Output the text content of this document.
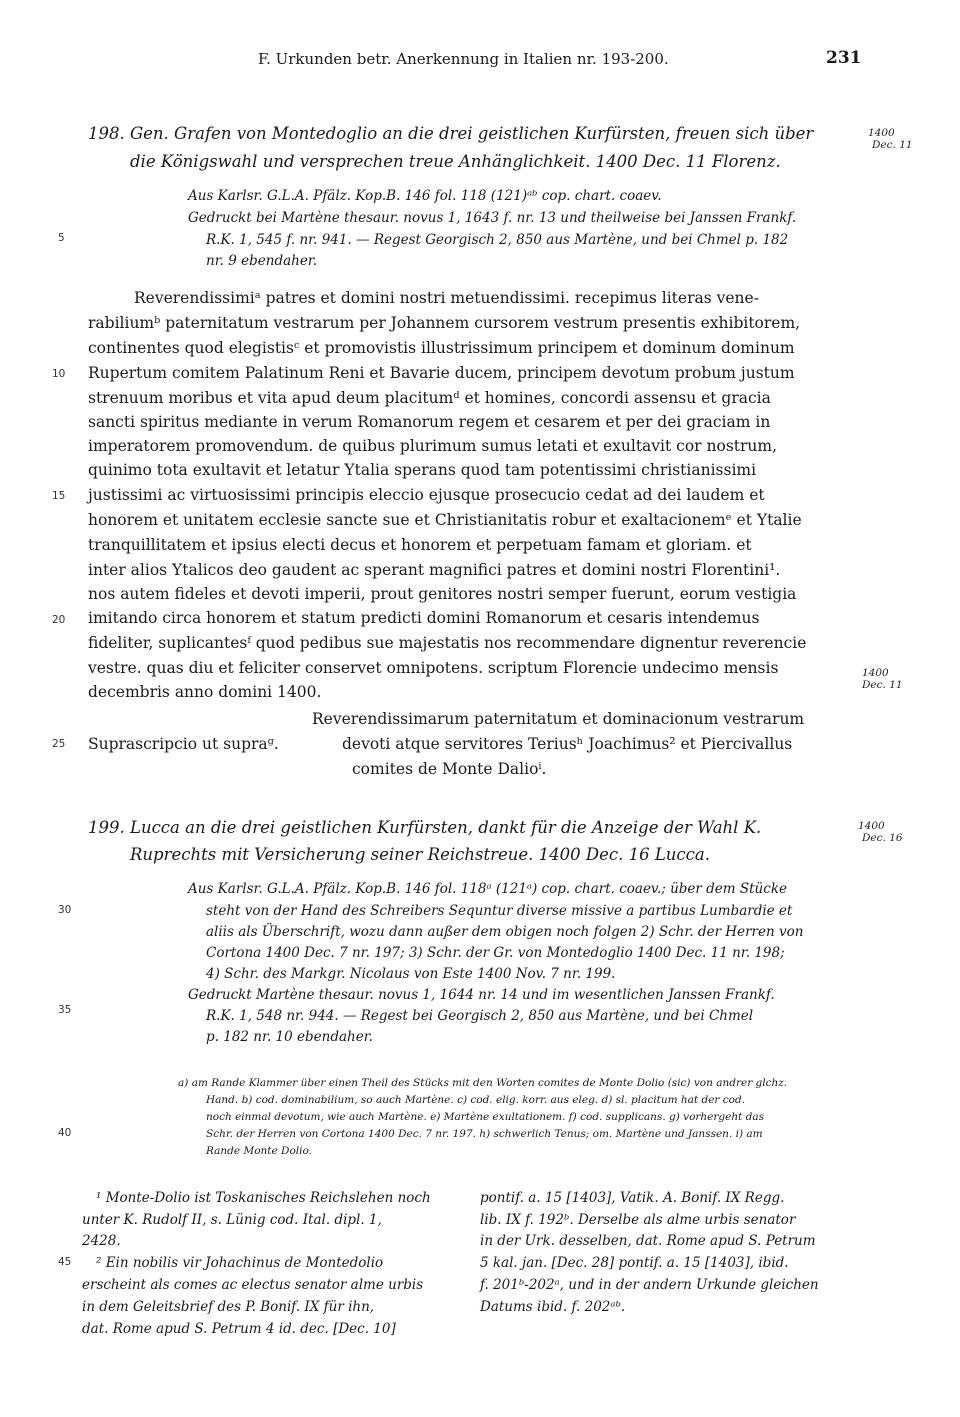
F. Urkunden betr. Anerkennung in Italien nr. 193-200.	231
198. Gen. Grafen von Montedoglio an die drei geistlichen Kurfürsten, freuen sich über
die Königswahl und versprechen treue Anhänglichkeit. 1400 Dec. 11 Florenz.
1400
Dec. 11
Aus Karlsr. G.L.A. Pfälz. Kop.B. 146 fol. 118 (121)ᵃᵇ cop. chart. coaev.
Gedruckt bei Martène thesaur. novus 1, 1643 f. nr. 13 und theilweise bei Janssen Frankf.
R.K. 1, 545 f. nr. 941. — Regest Georgisch 2, 850 aus Martène, und bei Chmel p. 182
nr. 9 ebendaher.
5
10
15
20
25
30
35
40
45
Reverendissimiᵃ patres et domini nostri metuendissimi. recepimus literas vene-
rabiliumᵇ paternitatum vestrarum per Johannem cursorem vestrum presentis exhibitorem,
continentes quod elegistisᶜ et promovistis illustrissimum principem et dominum dominum
Rupertum comitem Palatinum Reni et Bavarie ducem, principem devotum probum justum
strenuum moribus et vita apud deum placitumᵈ et homines, concordi assensu et gracia
sancti spiritus mediante in verum Romanorum regem et cesarem et per dei graciam in
imperatorem promovendum. de quibus plurimum sumus letati et exultavit cor nostrum,
quinimo tota exultavit et letatur Ytalia sperans quod tam potentissimi christianissimi
justissimi ac virtuosissimi principis eleccio ejusque prosecucio cedat ad dei laudem et
honorem et unitatem ecclesie sancte sue et Christianitatis robur et exaltacionemᵉ et Ytalie
tranquillitatem et ipsius electi decus et honorem et perpetuam famam et gloriam. et
inter alios Ytalicos deo gaudent ac sperant magnifici patres et domini nostri Florentini¹.
nos autem fideles et devoti imperii, prout genitores nostri semper fuerunt, eorum vestigia
imitando circa honorem et statum predicti domini Romanorum et cesaris intendemus
fideliter, suplicantesᶠ quod pedibus sue majestatis nos recommendare dignentur reverencie
vestre. quas diu et feliciter conservet omnipotens. scriptum Florencie undecimo mensis
decembris anno domini 1400.
1400
Dec. 11
Reverendissimarum paternitatum et dominacionum vestrarum
Suprascripcio ut supraᵍ.	devoti atque servitores Teriusʰ Joachimus² et Piercivallus
comites de Monte Dalioⁱ.
199. Lucca an die drei geistlichen Kurfürsten, dankt für die Anzeige der Wahl K.
Ruprechts mit Versicherung seiner Reichstreue. 1400 Dec. 16 Lucca.
1400
Dec. 16
Aus Karlsr. G.L.A. Pfälz. Kop.B. 146 fol. 118ᵃ (121ᵃ) cop. chart. coaev.; über dem Stücke
steht von der Hand des Schreibers Sequntur diverse missive a partibus Lumbardie et
aliis als Überschrift, wozu dann außer dem obigen noch folgen 2) Schr. der Herren von
Cortona 1400 Dec. 7 nr. 197; 3) Schr. der Gr. von Montedoglio 1400 Dec. 11 nr. 198;
4) Schr. des Markgr. Nicolaus von Este 1400 Nov. 7 nr. 199.
Gedruckt Martène thesaur. novus 1, 1644 nr. 14 und im wesentlichen Janssen Frankf.
R.K. 1, 548 nr. 944. — Regest bei Georgisch 2, 850 aus Martène, und bei Chmel
p. 182 nr. 10 ebendaher.
a) am Rande Klammer über einen Theil des Stücks mit den Worten comites de Monte Dolio (sic) von andrer glchz.
Hand. b) cod. dominabilium, so auch Martène. c) cod. elig. korr. aus eleg. d) sl. placitum hat der cod.
noch einmal devotum, wie auch Martène. e) Martène exultationem. f) cod. supplicans. g) vorhergeht das
Schr. der Herren von Cortona 1400 Dec. 7 nr. 197. h) schwerlich Tenus; om. Martène und Janssen. i) am
Rande Monte Dolio.
¹ Monte-Dolio ist Toskanisches Reichslehen noch
unter K. Rudolf II, s. Lünig cod. Ital. dipl. 1,
2428.
² Ein nobilis vir Johachinus de Montedolio
erscheint als comes ac electus senator alme urbis
in dem Geleitsbrief des P. Bonif. IX für ihn,
dat. Rome apud S. Petrum 4 id. dec. [Dec. 10]
pontif. a. 15 [1403], Vatik. A. Bonif. IX Regg.
lib. IX f. 192ᵇ. Derselbe als alme urbis senator
in der Urk. desselben, dat. Rome apud S. Petrum
5 kal. jan. [Dec. 28] pontif. a. 15 [1403], ibid.
f. 201ᵇ-202ᵃ, und in der andern Urkunde gleichen
Datums ibid. f. 202ᵃᵇ.
